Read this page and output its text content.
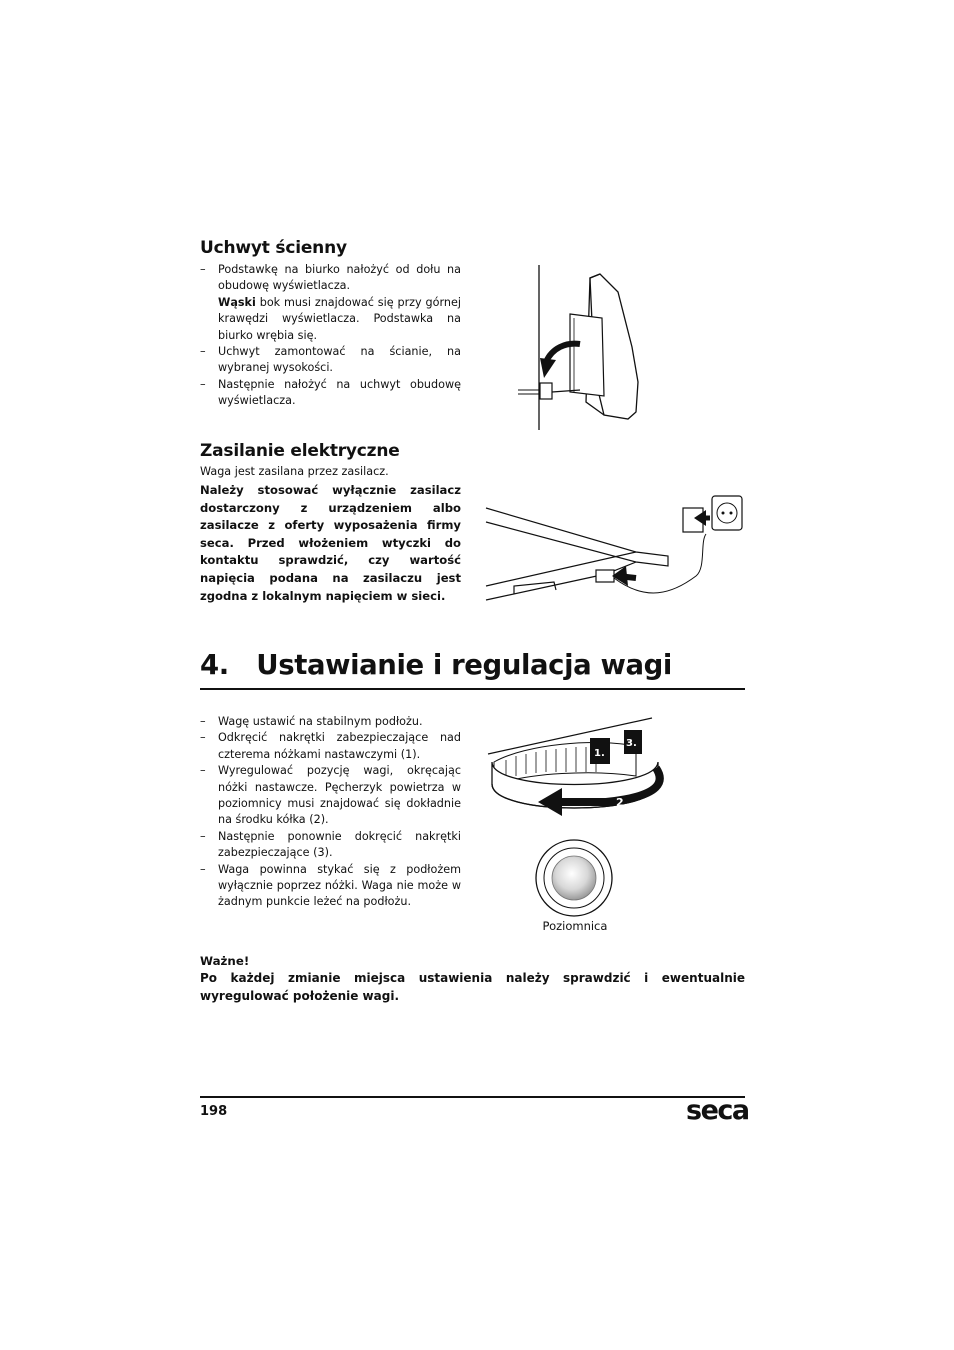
Uchwyt ścienny
– Podstawkę na biurko nałożyć od dołu na obudowę wyświetlacza.
Wąski bok musi znajdować się przy górnej krawędzi wyświetlacza. Podstawka na biurko wrębia się.
– Uchwyt zamontować na ścianie, na wybranej wysokości.
– Następnie nałożyć na uchwyt obudowę wyświetlacza.
Zasilanie elektryczne
Waga jest zasilana przez zasilacz.
Należy stosować wyłącznie zasilacz dostarczony z urządzeniem albo zasilacze z oferty wyposażenia firmy seca. Przed włożeniem wtyczki do kontaktu sprawdzić, czy wartość napięcia podana na zasilaczu jest zgodna z lokalnym napięciem w sieci.
4.   Ustawianie i regulacja wagi
– Wagę ustawić na stabilnym podłożu.
– Odkręcić nakrętki zabezpieczające nad czterema nóżkami nastawczymi (1).
– Wyregulować pozycję wagi, okręcając nóżki nastawcze. Pęcherzyk powietrza w poziomnicy musi znajdować się dokładnie na środku kółka (2).
– Następnie ponownie dokręcić nakrętki zabezpieczające (3).
– Waga powinna stykać się z podłożem wyłącznie poprzez nóżki. Waga nie może w żadnym punkcie leżeć na podłożu.
1.
3.
2.
Poziomnica
Ważne!
Po każdej zmianie miejsca ustawienia należy sprawdzić i ewentualnie wyregulować położenie wagi.
198	seca
